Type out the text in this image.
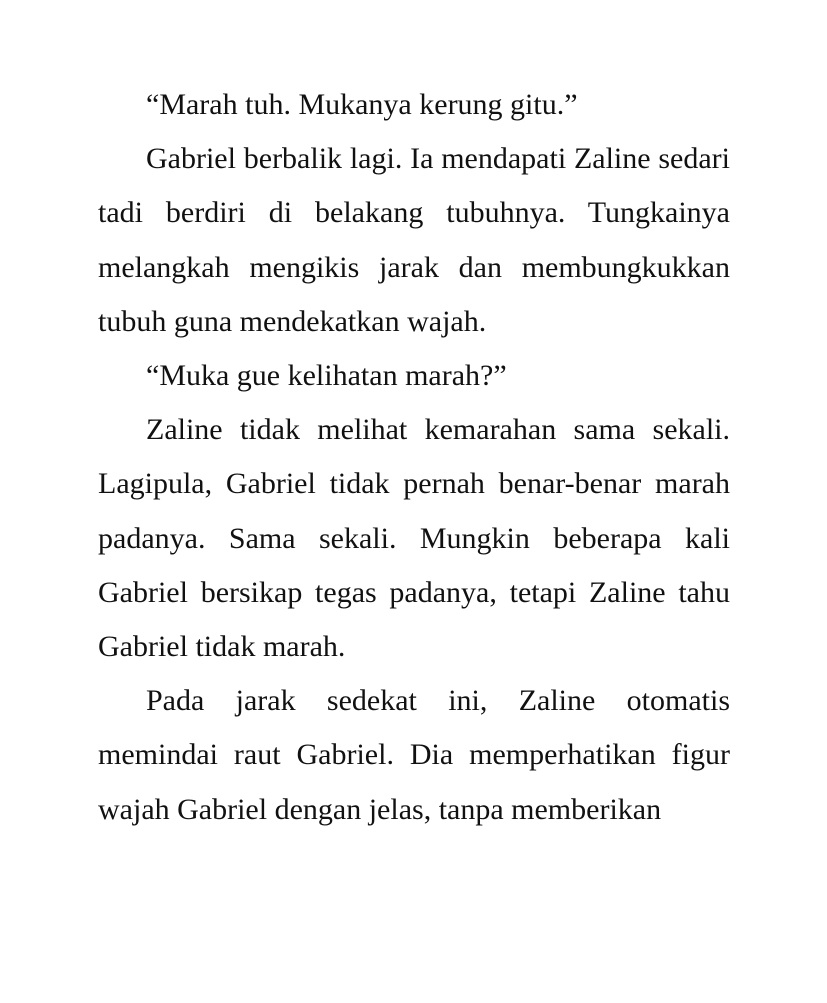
“Marah tuh. Mukanya kerung gitu.”

Gabriel berbalik lagi. Ia mendapati Zaline sedari tadi berdiri di belakang tubuhnya. Tungkainya melangkah mengikis jarak dan membungkukkan tubuh guna mendekatkan wajah.

“Muka gue kelihatan marah?”

Zaline tidak melihat kemarahan sama sekali. Lagipula, Gabriel tidak pernah benar-benar marah padanya. Sama sekali. Mungkin beberapa kali Gabriel bersikap tegas padanya, tetapi Zaline tahu Gabriel tidak marah.

Pada jarak sedekat ini, Zaline otomatis memindai raut Gabriel. Dia memperhatikan figur wajah Gabriel dengan jelas, tanpa memberikan
